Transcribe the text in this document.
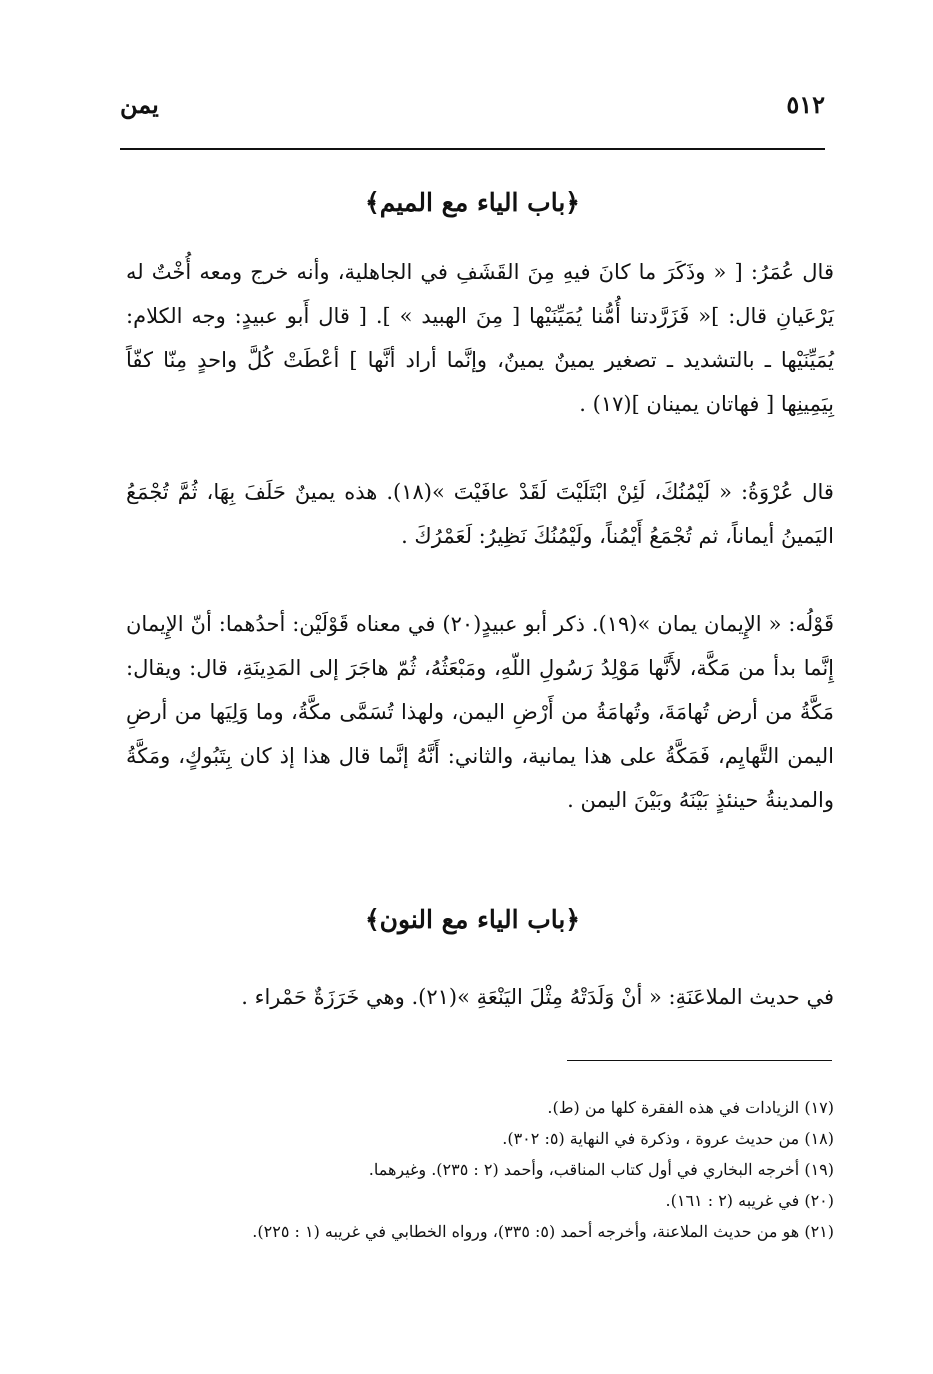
٥١٢
يمن
﴿باب الياء مع الميم﴾

قال عُمَرُ: [ « وذَكَرَ ما كانَ فيهِ مِنَ القَشَفِ في الجاهلية، وأنه خرج ومعه أُخْتٌ له يَرْعَيانِ قال: ]« فَزَرَّدتنا أُمُّنا يُمَيِّنَيْها [ مِنَ الهبيد » ]. [ قال أَبو عبيدٍ: وجه الكلام: يُمَيِّنَيْها ـ بالتشديد ـ تصغير يمينٌ يمينٌ، وإنَّما أراد أنَّها ] أعْطَتْ كُلَّ واحدٍ مِنّا كفّاً بِيَمِينِها [ فهاتان يمينان ](١٧) .

قال عُرْوَةُ: « لَيْمُنُكَ، لَئِنْ ابْتَلَيْتَ لَقَدْ عافَيْتَ »(١٨). هذه يمينٌ حَلَفَ بِهَا، ثُمَّ تُجْمَعُ اليَمينُ أيماناً، ثم تُجْمَعُ أَيْمُناً، ولَيْمُنُكَ نَظِيرُ: لَعَمْرُكَ .

قَوْلُه: « الإِيمان يمان »(١٩). ذكر أبو عبيدٍ(٢٠) في معناه قَوْلَيْن: أحدُهما: أنّ الإِيمان إِنَّما بدأ من مَكَّة، لأَنَّها مَوْلِدُ رَسُولِ اللّهِ، ومَبْعَثُهُ، ثُمّ هاجَرَ إلى المَدِينَةِ، قال: ويقال: مَكَّةُ من أرض تُهامَةَ، وتُهامَةُ من أَرْضِ اليمن، ولهذا تُسَمَّى مكَّةُ، وما وَلِيَها من أرضِ اليمن التَّهايِم، فَمَكَّةُ على هذا يمانية، والثاني: أَنَّهُ إنَّما قال هذا إذ كان بِتَبُوكٍ، ومَكَّةُ والمدينةُ حينئذٍ بَيْنَهُ وبَيْنَ اليمن .

﴿باب الياء مع النون﴾

في حديث الملاعَنَةِ: « أنْ وَلَدَتْهُ مِثْلَ اليَنْعَةِ »(٢١). وهي خَرَزَةٌ حَمْراء .

(١٧) الزيادات في هذه الفقرة كلها من (ط).

(١٨) من حديث عروة ، وذكرة في النهاية (٥: ٣٠٢).

(١٩) أخرجه البخاري في أول كتاب المناقب، وأحمد (٢ : ٢٣٥). وغيرهما.

(٢٠) في غريبه (٢ : ١٦١).

(٢١) هو من حديث الملاعنة، وأخرجه أحمد (٥: ٣٣٥)، ورواه الخطابي في غريبه (١ : ٢٢٥).
